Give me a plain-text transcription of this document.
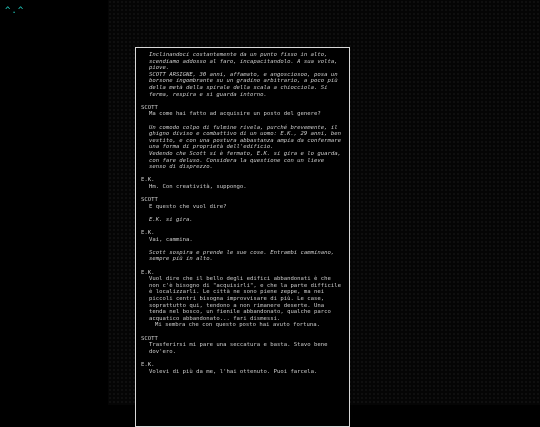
^.^

Inclinandoci costantemente da un punto fisso in alto, scendiamo addosso al faro, incapacitandolo. A sua volta, piove.

SCOTT ARSIGNE, 30 anni, affamato, e angosciosoo, posa un borsone ingombrante su un gradino arbitrario, a poco più della metà della spirale della scala a chiocciola. Si ferma, respira e si guarda intorno.

SCOTT

Ma come hai fatto ad acquisire un posto del genere?

Un comodo colpo di fulmine rivela, purché brevemente, il ghigno diviso e combattivo di un uomo: E.K., 29 anni, ben vestito, e con una postura abbastanza ampia da confermare una forma di proprietà dell'edificio.

Vedendo che Scott si è fermato, E.K. si gira e lo guarda, con fare deluso. Considera la questione con un lieve senso di disprezzo.

E.K.

Hm. Con creatività, suppongo.

SCOTT

E questo che vuol dire?

E.K. si gira.

E.K.

Vai, cammina.

Scott sospira e prende le sue cose. Entrambi camminano, sempre più in alto.

E.K.

Vuol dire che il bello degli edifici abbandonati è che non c'è bisogno di "acquisirli", e che la parte difficile è localizzarli. Le città ne sono piene zeppe, ma nei piccoli centri bisogna improvvisare di più. Le case, soprattutto qui, tendono a non rimanere deserte. Una tenda nel bosco, un fienile abbandonato, qualche parco acquatico abbandonato... fari dismessi.

Mi sembra che con questo posto hai avuto fortuna.

SCOTT

Trasferirsi mi pare una seccatura e basta. Stavo bene dov'ero.

E.K.

Volevi di più da me, l'hai ottenuto. Puoi farcela.
